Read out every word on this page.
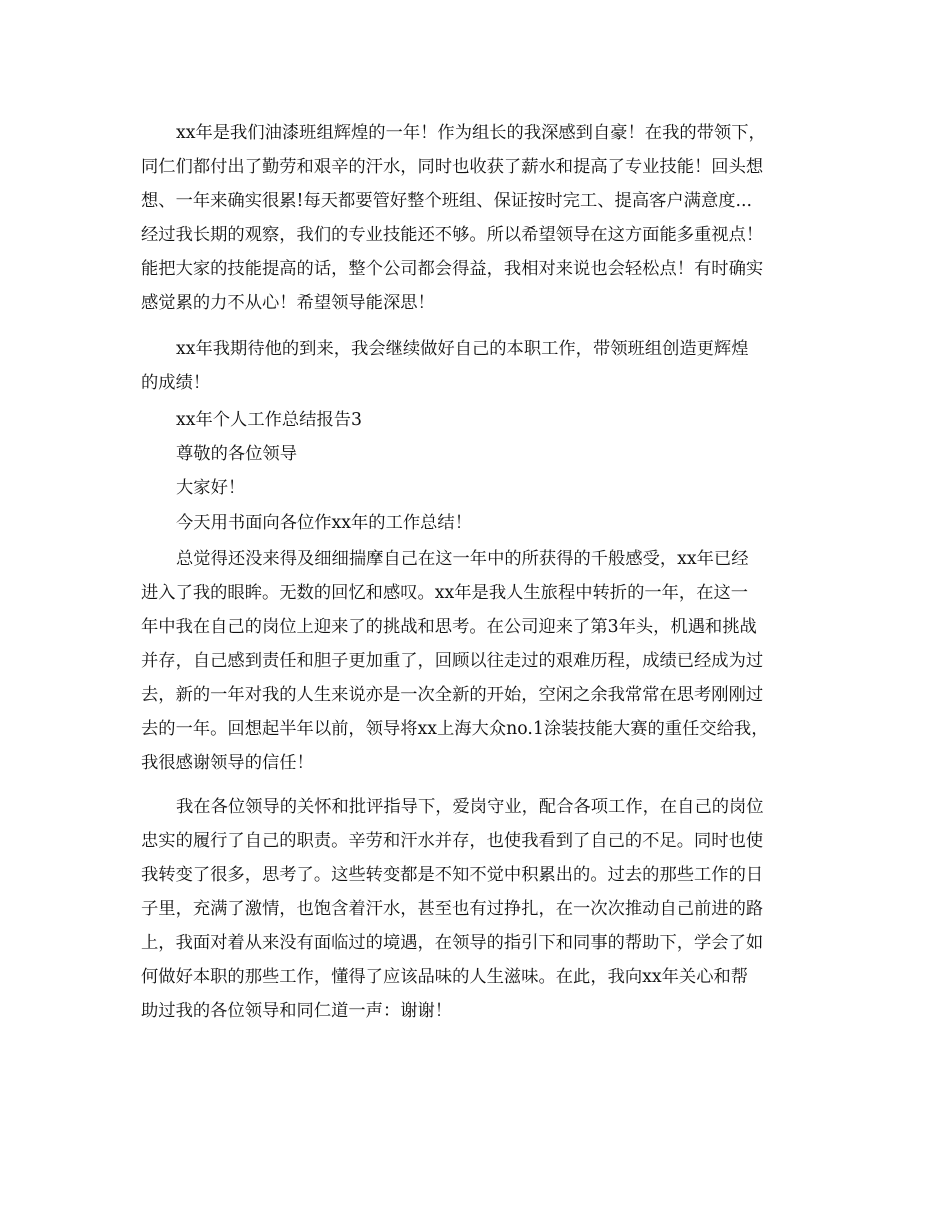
xx年是我们油漆班组辉煌的一年！作为组长的我深感到自豪！在我的带领下，
同仁们都付出了勤劳和艰辛的汗水，同时也收获了薪水和提高了专业技能！回头想
想、一年来确实很累!每天都要管好整个班组、保证按时完工、提高客户满意度...
经过我长期的观察，我们的专业技能还不够。所以希望领导在这方面能多重视点！
能把大家的技能提高的话，整个公司都会得益，我相对来说也会轻松点！有时确实
感觉累的力不从心！希望领导能深思！
xx年我期待他的到来，我会继续做好自己的本职工作，带领班组创造更辉煌
的成绩！
xx年个人工作总结报告3
尊敬的各位领导
大家好！
今天用书面向各位作xx年的工作总结！
总觉得还没来得及细细揣摩自己在这一年中的所获得的千般感受，xx年已经
进入了我的眼眸。无数的回忆和感叹。xx年是我人生旅程中转折的一年，在这一
年中我在自己的岗位上迎来了的挑战和思考。在公司迎来了第3年头，机遇和挑战
并存，自己感到责任和胆子更加重了，回顾以往走过的艰难历程，成绩已经成为过
去，新的一年对我的人生来说亦是一次全新的开始，空闲之余我常常在思考刚刚过
去的一年。回想起半年以前，领导将xx上海大众no.1涂装技能大赛的重任交给我，
我很感谢领导的信任！
我在各位领导的关怀和批评指导下，爱岗守业，配合各项工作，在自己的岗位
忠实的履行了自己的职责。辛劳和汗水并存，也使我看到了自己的不足。同时也使
我转变了很多，思考了。这些转变都是不知不觉中积累出的。过去的那些工作的日
子里，充满了激情，也饱含着汗水，甚至也有过挣扎，在一次次推动自己前进的路
上，我面对着从来没有面临过的境遇，在领导的指引下和同事的帮助下，学会了如
何做好本职的那些工作，懂得了应该品味的人生滋味。在此，我向xx年关心和帮
助过我的各位领导和同仁道一声：谢谢！
